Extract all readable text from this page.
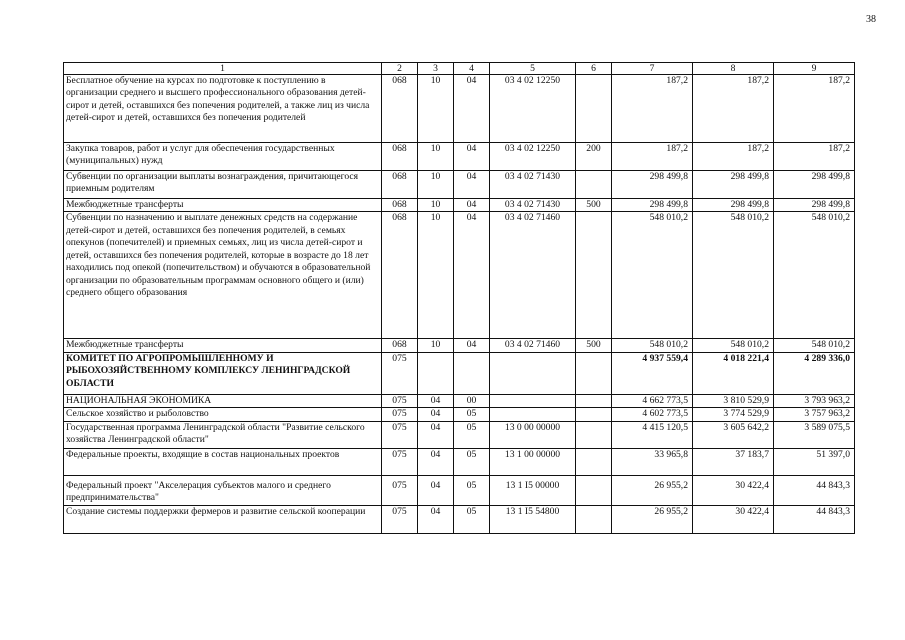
38
1	2	3	4	5	6	7	8	9
Бесплатное обучение на курсах по подготовке к поступлению в организации среднего и высшего профессионального образования детей-сирот и детей, оставшихся без попечения родителей, а также лиц из числа детей-сирот и детей, оставшихся без попечения родителей	068	10	04	03 4 02 12250		187,2	187,2	187,2
Закупка товаров, работ и услуг для обеспечения государственных (муниципальных) нужд	068	10	04	03 4 02 12250	200	187,2	187,2	187,2
Субвенции по организации выплаты вознаграждения, причитающегося приемным родителям	068	10	04	03 4 02 71430		298 499,8	298 499,8	298 499,8
Межбюджетные трансферты	068	10	04	03 4 02 71430	500	298 499,8	298 499,8	298 499,8
Субвенции по назначению и выплате денежных средств на содержание детей-сирот и детей, оставшихся без попечения родителей, в семьях опекунов (попечителей) и приемных семьях, лиц из числа детей-сирот и детей, оставшихся без попечения родителей, которые в возрасте до 18 лет находились под опекой (попечительством) и обучаются в образовательной организации по образовательным программам основного общего и (или) среднего общего образования	068	10	04	03 4 02 71460		548 010,2	548 010,2	548 010,2
Межбюджетные трансферты	068	10	04	03 4 02 71460	500	548 010,2	548 010,2	548 010,2
КОМИТЕТ ПО АГРОПРОМЫШЛЕННОМУ И РЫБОХОЗЯЙСТВЕННОМУ КОМПЛЕКСУ ЛЕНИНГРАДСКОЙ ОБЛАСТИ	075					4 937 559,4	4 018 221,4	4 289 336,0
НАЦИОНАЛЬНАЯ ЭКОНОМИКА	075	04	00			4 662 773,5	3 810 529,9	3 793 963,2
Сельское хозяйство и рыболовство	075	04	05			4 602 773,5	3 774 529,9	3 757 963,2
Государственная программа Ленинградской области "Развитие сельского хозяйства Ленинградской области"	075	04	05	13 0 00 00000		4 415 120,5	3 605 642,2	3 589 075,5
Федеральные проекты, входящие в состав национальных проектов	075	04	05	13 1 00 00000		33 965,8	37 183,7	51 397,0
Федеральный проект "Акселерация субъектов малого и среднего предпринимательства"	075	04	05	13 1 I5 00000		26 955,2	30 422,4	44 843,3
Создание системы поддержки фермеров и развитие сельской кооперации	075	04	05	13 1 I5 54800		26 955,2	30 422,4	44 843,3
